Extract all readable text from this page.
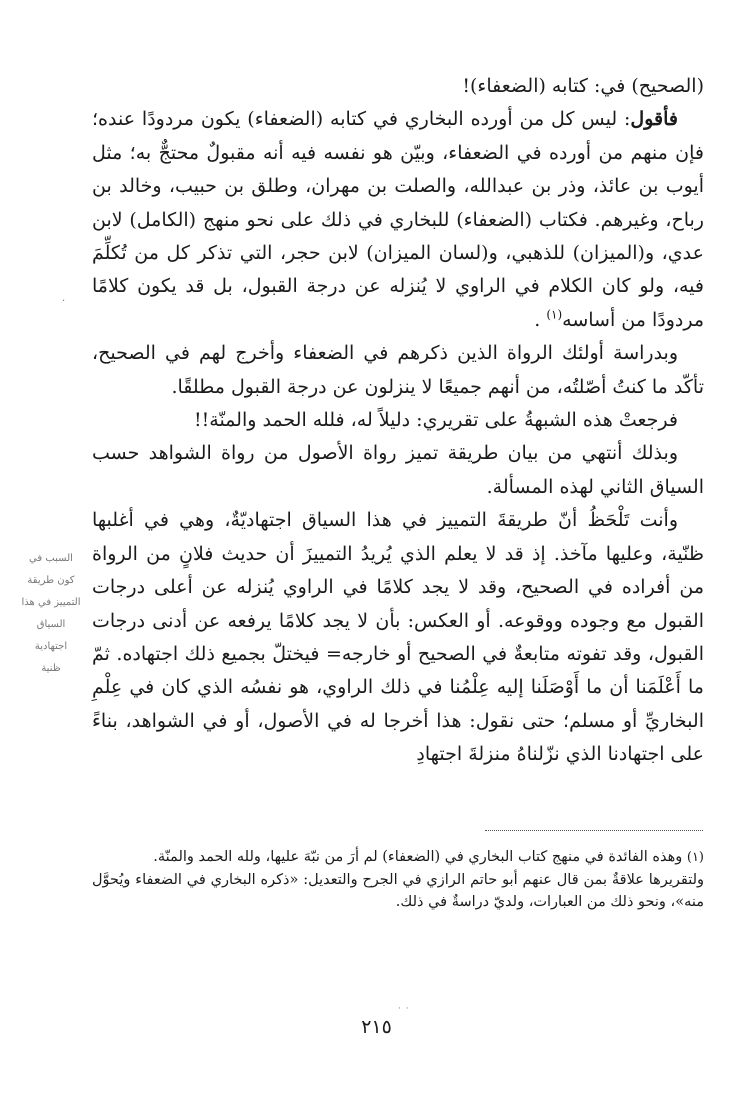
·

(الصحيح) في: كتابه (الضعفاء)!

فأقول: ليس كل من أورده البخاري في كتابه (الضعفاء) يكون مردودًا عنده؛ فإن منهم من أورده في الضعفاء، وبيّن هو نفسه فيه أنه مقبولٌ محتجٌّ به؛ مثل أيوب بن عائذ، وذر بن عبدالله، والصلت بن مهران، وطلق بن حبيب، وخالد بن رباح، وغيرهم. فكتاب (الضعفاء) للبخاري في ذلك على نحو منهج (الكامل) لابن عدي، و(الميزان) للذهبي، و(لسان الميزان) لابن حجر، التي تذكر كل من تُكلِّمَ فيه، ولو كان الكلام في الراوي لا يُنزله عن درجة القبول، بل قد يكون كلامًا مردودًا من أساسه$^{(١)}$ .

وبدراسة أولئك الرواة الذين ذكرهم في الضعفاء وأخرج لهم في الصحيح، تأكّد ما كنتُ أصّلتُه، من أنهم جميعًا لا ينزلون عن درجة القبول مطلقًا.

فرجعتْ هذه الشبهةُ على تقريري: دليلاً له، فلله الحمد والمنّة!!

وبذلك أنتهي من بيان طريقة تميز رواة الأصول من رواة الشواهد حسب السياق الثاني لهذه المسألة.

وأنت تَلْحَظُ أنّ طريقةَ التمييز في هذا السياق اجتهاديّةٌ، وهي في أغلبها ظنّية، وعليها مآخذ. إذ قد لا يعلم الذي يُريدُ التمييزَ أن حديث فلانٍ من الرواة من أفراده في الصحيح، وقد لا يجد كلامًا في الراوي يُنزله عن أعلى درجات القبول مع وجوده ووقوعه. أو العكس: بأن لا يجد كلامًا يرفعه عن أدنى درجات القبول، وقد تفوته متابعةٌ في الصحيح أو خارجه= فيختلّ بجميع ذلك اجتهاده. ثمّ ما أَعْلَمَنا أن ما أَوْصَلَنا إليه عِلْمُنا في ذلك الراوي، هو نفسُه الذي كان في عِلْمِ البخاريِّ أو مسلم؛ حتى نقول: هذا أخرجا له في الأصول، أو في الشواهد، بناءً على اجتهادنا الذي نزّلناهُ منزلةَ اجتهادِ

السبب في
كون طريقة
التمييز في هذا
السياق
اجتهادية
ظنية

(١) وهذه الفائدة في منهج كتاب البخاري في (الضعفاء) لم أرَ من نبّهَ عليها، ولله الحمد والمنّة.

ولتقريرها علاقةٌ بمن قال عنهم أبو حاتم الرازي في الجرح والتعديل: «ذكره البخاري في الضعفاء ويُحوَّل منه»، ونحو ذلك من العبارات، ولديّ دراسةٌ في ذلك.

· ·
٢١٥
